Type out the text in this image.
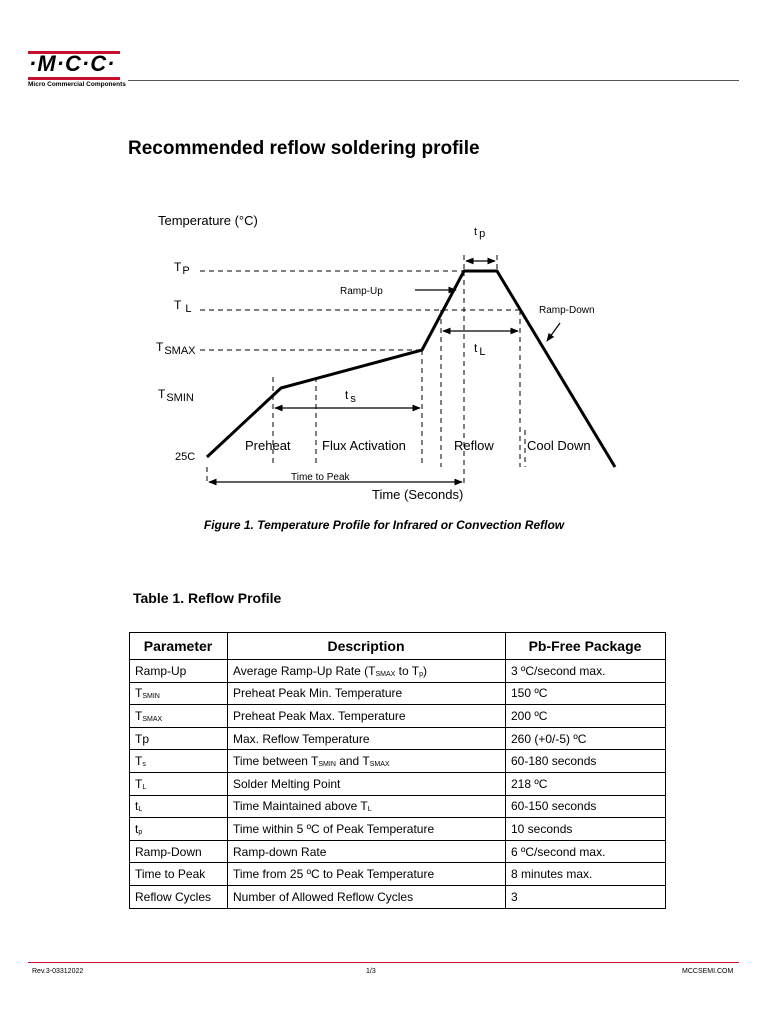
·M·C·C·
Micro Commercial Components
Recommended reflow soldering profile
Temperature (°C)
Time (Seconds)
TP
T L
TSMAX
TSMIN
25C
t p
t L
t s
Time to Peak
Ramp-Up
Ramp-Down
Preheat Flux Activation	Reflow	Cool Down
Figure 1. Temperature Profile for Infrared or Convection Reflow
Table 1. Reflow Profile
Parameter	Description	Pb-Free Package
Ramp-Up	Average Ramp-Up Rate (TSMAX to Tp)	3 ºC/second max.
TSMIN	Preheat Peak Min. Temperature	150 ºC
TSMAX	Preheat Peak Max. Temperature	200 ºC
Tp	Max. Reflow Temperature	260 (+0/-5) ºC
Ts	Time between TSMIN and TSMAX	60-180 seconds
TL	Solder Melting Point	218 ºC
tL	Time Maintained above TL	60-150 seconds
tp	Time within 5 ºC of Peak Temperature	10 seconds
Ramp-Down	Ramp-down Rate	6 ºC/second max.
Time to Peak	Time from 25 ºC to Peak Temperature	8 minutes max.
Reflow Cycles	Number of Allowed Reflow Cycles	3
Rev.3-03312022	1/3	MCCSEMI.COM
